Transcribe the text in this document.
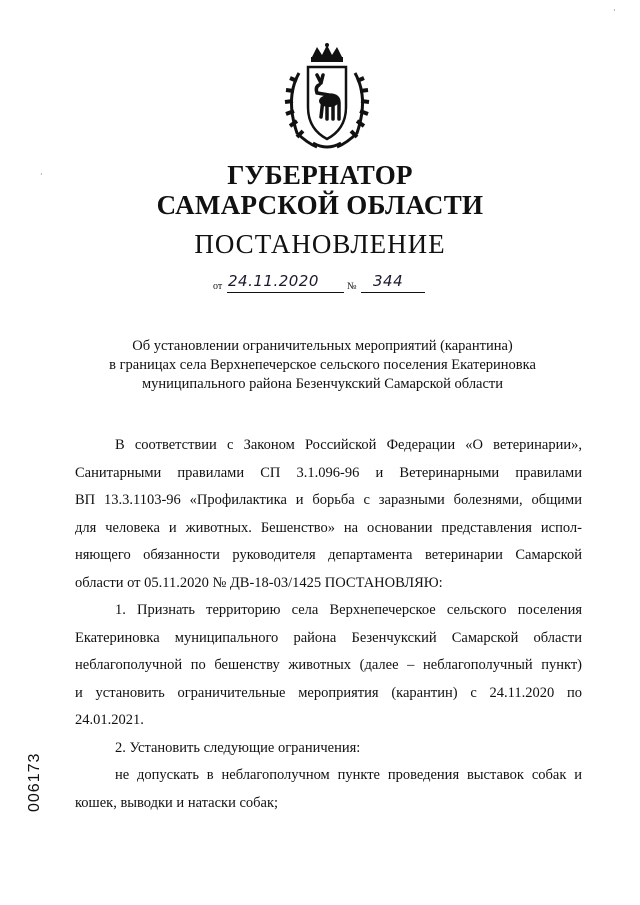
ГУБЕРНАТОР
САМАРСКОЙ ОБЛАСТИ
ПОСТАНОВЛЕНИЕ
от 24.11.2020	№ 344
Об установлении ограничительных мероприятий (карантина)
в границах села Верхнепечерское сельского поселения Екатериновка
муниципального района Безенчукский Самарской области
В соответствии с Законом Российской Федерации «О ветеринарии»,
Санитарными правилами СП 3.1.096-96 и Ветеринарными правилами
ВП 13.3.1103-96 «Профилактика и борьба с заразными болезнями, общими
для человека и животных. Бешенство» на основании представления испол-
няющего обязанности руководителя департамента ветеринарии Самарской
области от 05.11.2020 № ДВ-18-03/1425 ПОСТАНОВЛЯЮ:
1. Признать территорию села Верхнепечерское сельского поселения
Екатериновка муниципального района Безенчукский Самарской области
неблагополучной по бешенству животных (далее – неблагополучный пункт)
и установить ограничительные мероприятия (карантин) с 24.11.2020 по
24.01.2021.
2. Установить следующие ограничения:
не допускать в неблагополучном пункте проведения выставок собак и
кошек, выводки и натаски собак;
006173
·
·
